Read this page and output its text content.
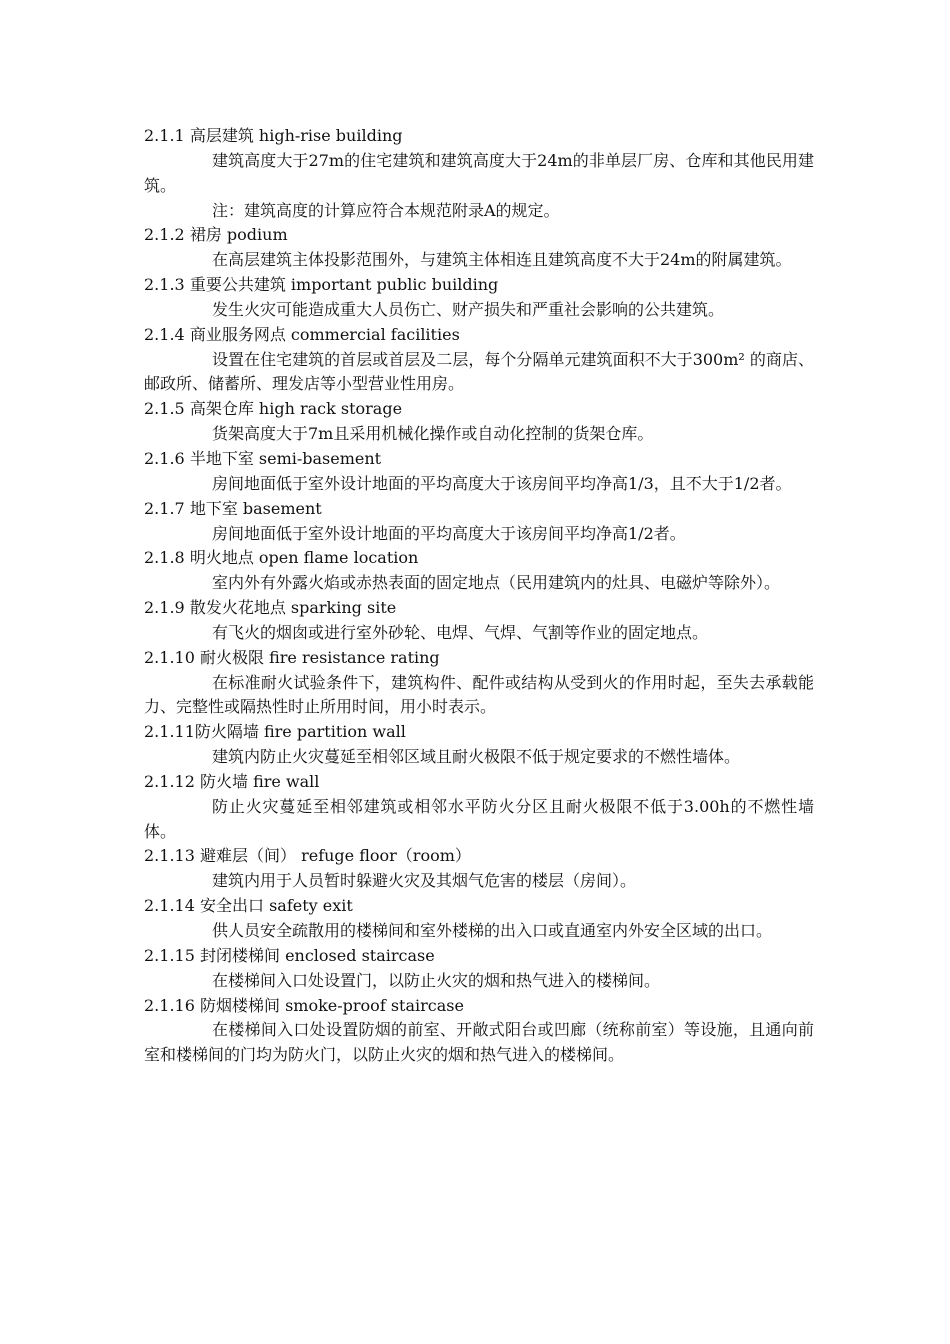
2.1.1 高层建筑 high-rise building

建筑高度大于27m的住宅建筑和建筑高度大于24m的非单层厂房、仓库和其他民用建筑。

注：建筑高度的计算应符合本规范附录A的规定。

2.1.2 裙房 podium

在高层建筑主体投影范围外，与建筑主体相连且建筑高度不大于24m的附属建筑。

2.1.3 重要公共建筑 important public building

发生火灾可能造成重大人员伤亡、财产损失和严重社会影响的公共建筑。

2.1.4 商业服务网点 commercial facilities

设置在住宅建筑的首层或首层及二层，每个分隔单元建筑面积不大于300m² 的商店、邮政所、储蓄所、理发店等小型营业性用房。

2.1.5 高架仓库 high rack storage

货架高度大于7m且采用机械化操作或自动化控制的货架仓库。

2.1.6 半地下室 semi-basement

房间地面低于室外设计地面的平均高度大于该房间平均净高1/3，且不大于1/2者。

2.1.7 地下室 basement

房间地面低于室外设计地面的平均高度大于该房间平均净高1/2者。

2.1.8 明火地点 open flame location

室内外有外露火焰或赤热表面的固定地点（民用建筑内的灶具、电磁炉等除外）。

2.1.9 散发火花地点 sparking site

有飞火的烟囱或进行室外砂轮、电焊、气焊、气割等作业的固定地点。

2.1.10 耐火极限 fire resistance rating

在标准耐火试验条件下，建筑构件、配件或结构从受到火的作用时起，至失去承载能力、完整性或隔热性时止所用时间，用小时表示。

2.1.11防火隔墙 fire partition wall

建筑内防止火灾蔓延至相邻区域且耐火极限不低于规定要求的不燃性墙体。

2.1.12 防火墙 fire wall

防止火灾蔓延至相邻建筑或相邻水平防火分区且耐火极限不低于3.00h的不燃性墙体。

2.1.13 避难层（间） refuge floor（room）

建筑内用于人员暂时躲避火灾及其烟气危害的楼层（房间）。

2.1.14 安全出口 safety exit

供人员安全疏散用的楼梯间和室外楼梯的出入口或直通室内外安全区域的出口。

2.1.15 封闭楼梯间 enclosed staircase

在楼梯间入口处设置门，以防止火灾的烟和热气进入的楼梯间。

2.1.16 防烟楼梯间 smoke-proof staircase

在楼梯间入口处设置防烟的前室、开敞式阳台或凹廊（统称前室）等设施，且通向前室和楼梯间的门均为防火门，以防止火灾的烟和热气进入的楼梯间。
